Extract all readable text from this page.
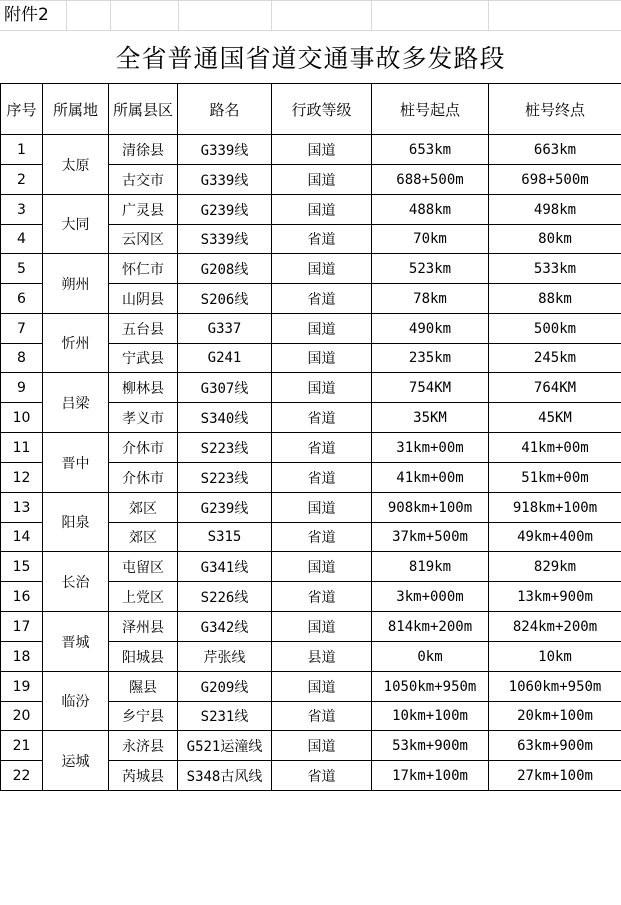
附件2
全省普通国省道交通事故多发路段
序号	所属地	所属县区	路名	行政等级	桩号起点	桩号终点
1	太原	清徐县	G339线	国道	653km	663km
2		古交市	G339线	国道	688+500m	698+500m
3	大同	广灵县	G239线	国道	488km	498km
4		云冈区	S339线	省道	70km	80km
5	朔州	怀仁市	G208线	国道	523km	533km
6		山阴县	S206线	省道	78km	88km
7	忻州	五台县	G337	国道	490km	500km
8		宁武县	G241	国道	235km	245km
9	吕梁	柳林县	G307线	国道	754KM	764KM
10		孝义市	S340线	省道	35KM	45KM
11	晋中	介休市	S223线	省道	31km+00m	41km+00m
12		介休市	S223线	省道	41km+00m	51km+00m
13	阳泉	郊区	G239线	国道	908km+100m	918km+100m
14		郊区	S315	省道	37km+500m	49km+400m
15	长治	屯留区	G341线	国道	819km	829km
16		上党区	S226线	省道	3km+000m	13km+900m
17	晋城	泽州县	G342线	国道	814km+200m	824km+200m
18		阳城县	芹张线	县道	0km	10km
19	临汾	隰县	G209线	国道	1050km+950m	1060km+950m
20		乡宁县	S231线	省道	10km+100m	20km+100m
21	运城	永济县	G521运潼线	国道	53km+900m	63km+900m
22		芮城县	S348古风线	省道	17km+100m	27km+100m
